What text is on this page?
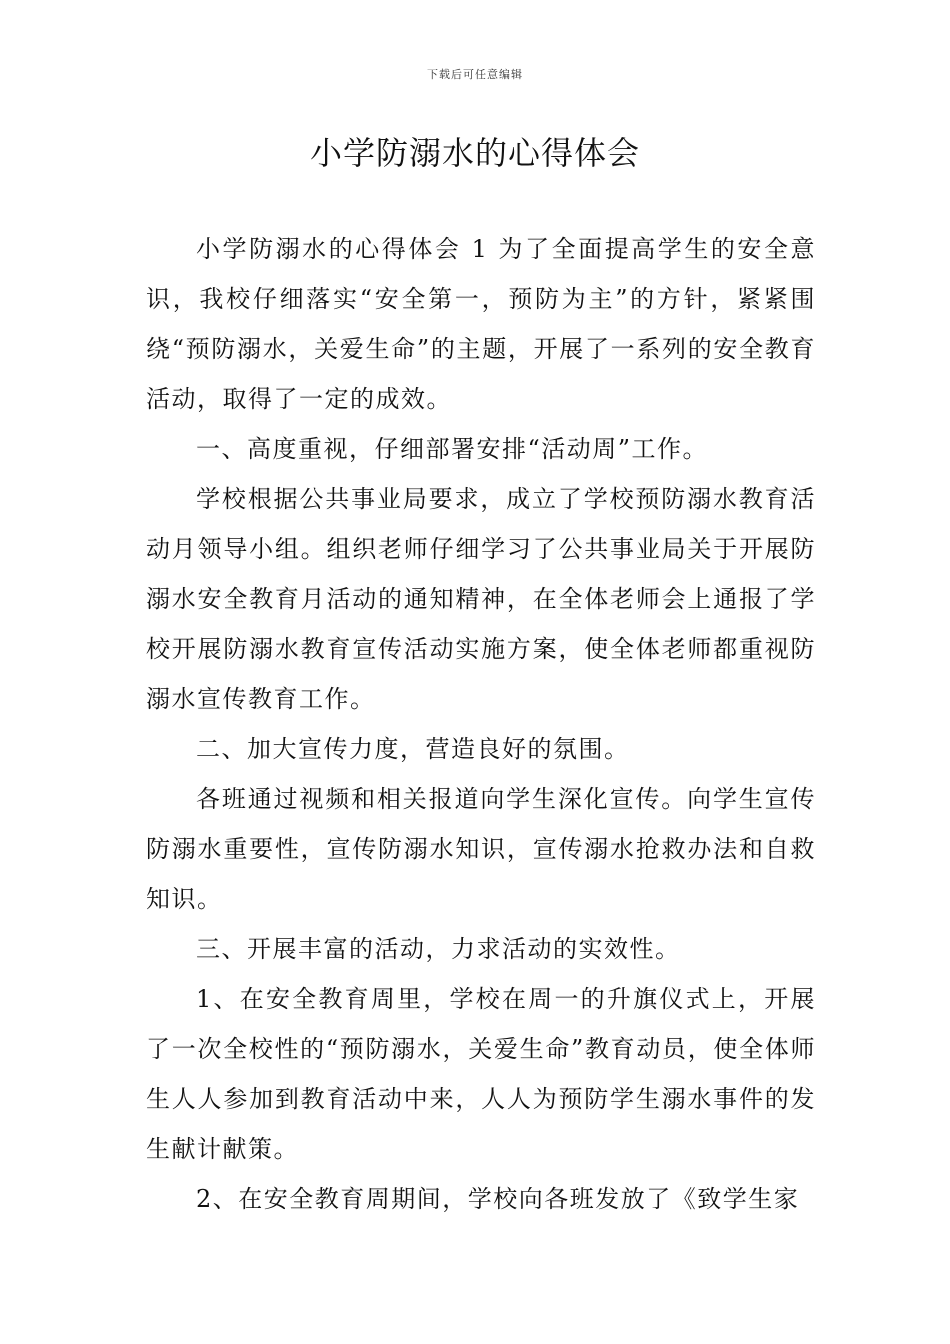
下载后可任意编辑
小学防溺水的心得体会

小学防溺水的心得体会 1 为了全面提高学生的安全意识，我校仔细落实“安全第一，预防为主”的方针，紧紧围绕“预防溺水，关爱生命”的主题，开展了一系列的安全教育活动，取得了一定的成效。

一、高度重视，仔细部署安排“活动周”工作。

学校根据公共事业局要求，成立了学校预防溺水教育活动月领导小组。组织老师仔细学习了公共事业局关于开展防溺水安全教育月活动的通知精神，在全体老师会上通报了学校开展防溺水教育宣传活动实施方案，使全体老师都重视防溺水宣传教育工作。

二、加大宣传力度，营造良好的氛围。

各班通过视频和相关报道向学生深化宣传。向学生宣传防溺水重要性，宣传防溺水知识，宣传溺水抢救办法和自救知识。

三、开展丰富的活动，力求活动的实效性。

1、在安全教育周里，学校在周一的升旗仪式上，开展了一次全校性的“预防溺水，关爱生命”教育动员，使全体师生人人参加到教育活动中来，人人为预防学生溺水事件的发生献计献策。

2、在安全教育周期间，学校向各班发放了《致学生家
